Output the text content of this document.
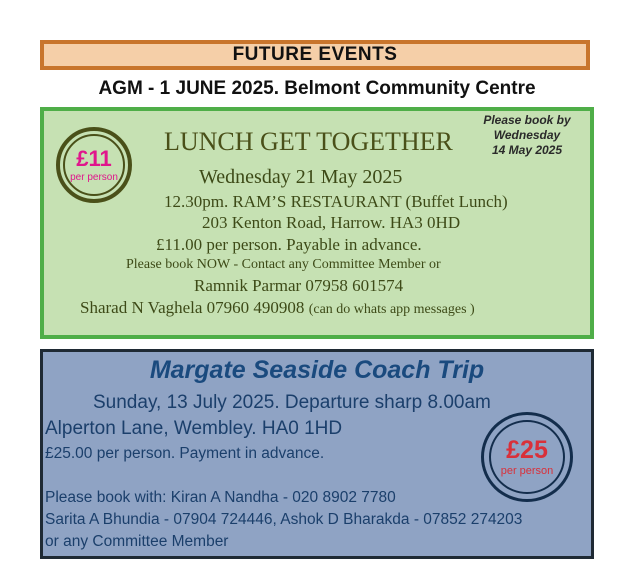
FUTURE EVENTS
AGM - 1 JUNE 2025. Belmont Community Centre
£11
per person
LUNCH GET TOGETHER
Please book by
Wednesday
14 May 2025
Wednesday 21 May 2025
12.30pm. RAM’S RESTAURANT (Buffet Lunch)
203 Kenton Road, Harrow. HA3 0HD
£11.00 per person. Payable in advance.
Please book NOW - Contact any Committee Member or
Ramnik Parmar 07958 601574
Sharad N Vaghela 07960 490908 (can do whats app messages )
Margate Seaside Coach Trip
Sunday, 13 July 2025. Departure sharp 8.00am
Alperton Lane, Wembley. HA0 1HD
£25.00 per person. Payment in advance.
Please book with: Kiran A Nandha - 020 8902 7780
Sarita A Bhundia - 07904 724446, Ashok D Bharakda - 07852 274203
or any Committee Member
£25
per person
